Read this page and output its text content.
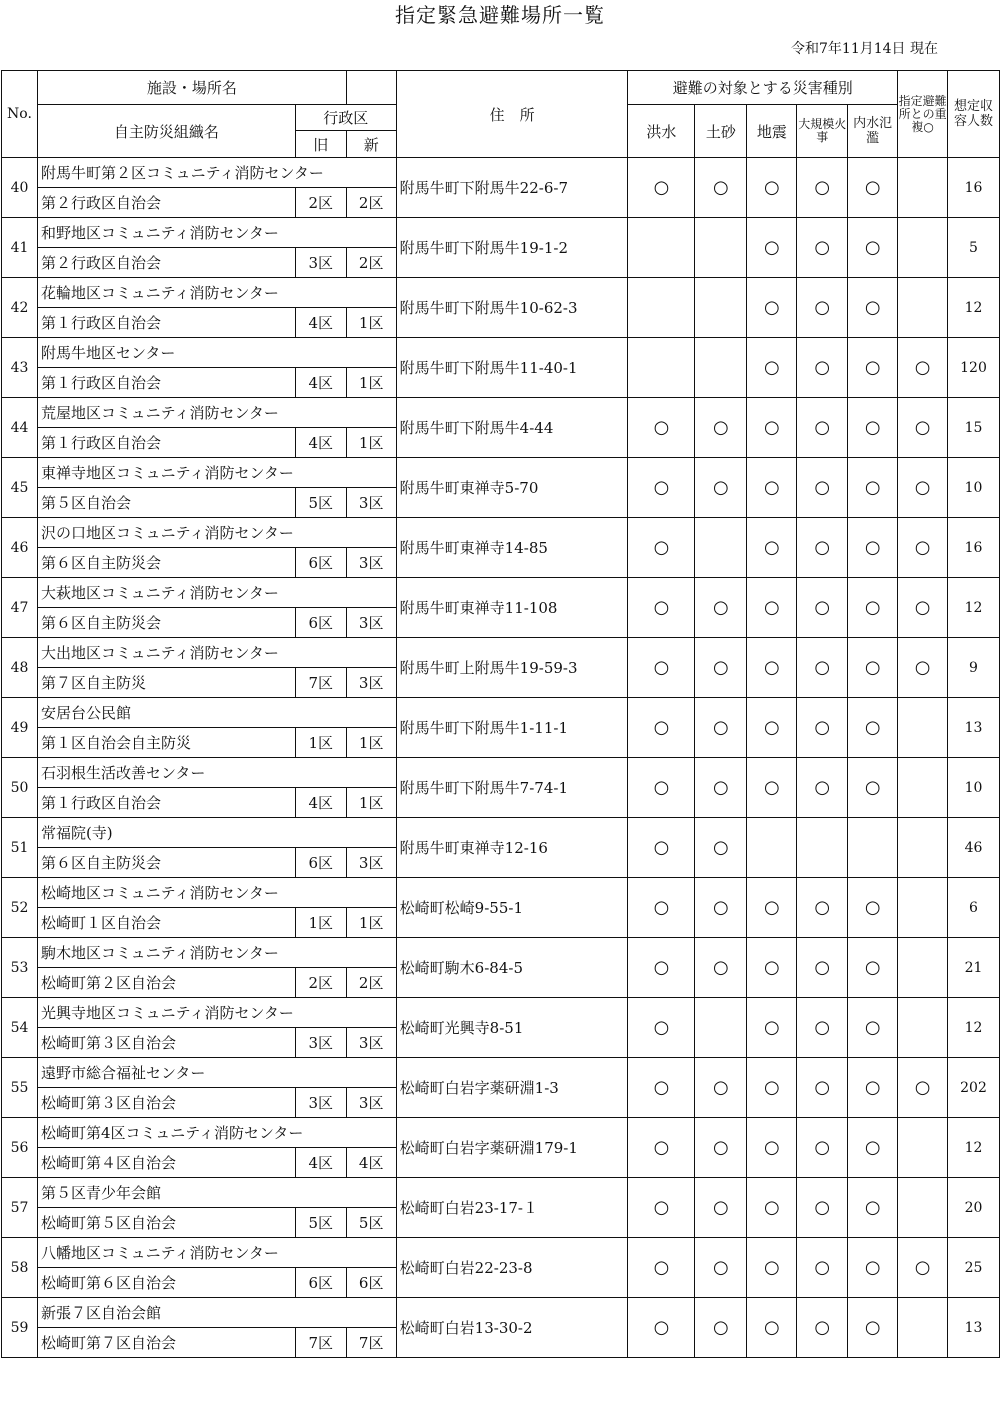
指定緊急避難場所一覧
令和7年11月14日 現在
No.	施設・場所名			住　所	避難の対象とする災害種別					指定避難所との重複○	想定収容人数
	自主防災組織名	行政区			洪水	土砂	地震	大規模火事	内水氾濫		
		旧	新								
40	附馬牛町第２区コミュニティ消防センター			附馬牛町下附馬牛22-6-7	○	○	○	○	○		16
	第２行政区自治会	2区	2区								
41	和野地区コミュニティ消防センター			附馬牛町下附馬牛19-1-2			○	○	○		5
	第２行政区自治会	3区	2区								
42	花輪地区コミュニティ消防センター			附馬牛町下附馬牛10-62-3			○	○	○		12
	第１行政区自治会	4区	1区								
43	附馬牛地区センター			附馬牛町下附馬牛11-40-1			○	○	○	○	120
	第１行政区自治会	4区	1区								
44	荒屋地区コミュニティ消防センター			附馬牛町下附馬牛4-44	○	○	○	○	○	○	15
	第１行政区自治会	4区	1区								
45	東禅寺地区コミュニティ消防センター			附馬牛町東禅寺5-70	○	○	○	○	○	○	10
	第５区自治会	5区	3区								
46	沢の口地区コミュニティ消防センター			附馬牛町東禅寺14-85	○		○	○	○	○	16
	第６区自主防災会	6区	3区								
47	大萩地区コミュニティ消防センター			附馬牛町東禅寺11-108	○	○	○	○	○	○	12
	第６区自主防災会	6区	3区								
48	大出地区コミュニティ消防センター			附馬牛町上附馬牛19-59-3	○	○	○	○	○	○	9
	第７区自主防災	7区	3区								
49	安居台公民館			附馬牛町下附馬牛1-11-1	○	○	○	○	○		13
	第１区自治会自主防災	1区	1区								
50	石羽根生活改善センター			附馬牛町下附馬牛7-74-1	○	○	○	○	○		10
	第１行政区自治会	4区	1区								
51	常福院(寺)			附馬牛町東禅寺12-16	○	○					46
	第６区自主防災会	6区	3区								
52	松崎地区コミュニティ消防センター			松崎町松崎9-55-1	○	○	○	○	○		6
	松崎町１区自治会	1区	1区								
53	駒木地区コミュニティ消防センター			松崎町駒木6-84-5	○	○	○	○	○		21
	松崎町第２区自治会	2区	2区								
54	光興寺地区コミュニティ消防センター			松崎町光興寺8-51	○		○	○	○		12
	松崎町第３区自治会	3区	3区								
55	遠野市総合福祉センター			松崎町白岩字薬研淵1-3	○	○	○	○	○	○	202
	松崎町第３区自治会	3区	3区								
56	松崎町第4区コミュニティ消防センター			松崎町白岩字薬研淵179-1	○	○	○	○	○		12
	松崎町第４区自治会	4区	4区								
57	第５区青少年会館			松崎町白岩23-17-１	○	○	○	○	○		20
	松崎町第５区自治会	5区	5区								
58	八幡地区コミュニティ消防センター			松崎町白岩22-23-8	○	○	○	○	○	○	25
	松崎町第６区自治会	6区	6区								
59	新張７区自治会館			松崎町白岩13-30-2	○	○	○	○	○		13
	松崎町第７区自治会	7区	7区								
